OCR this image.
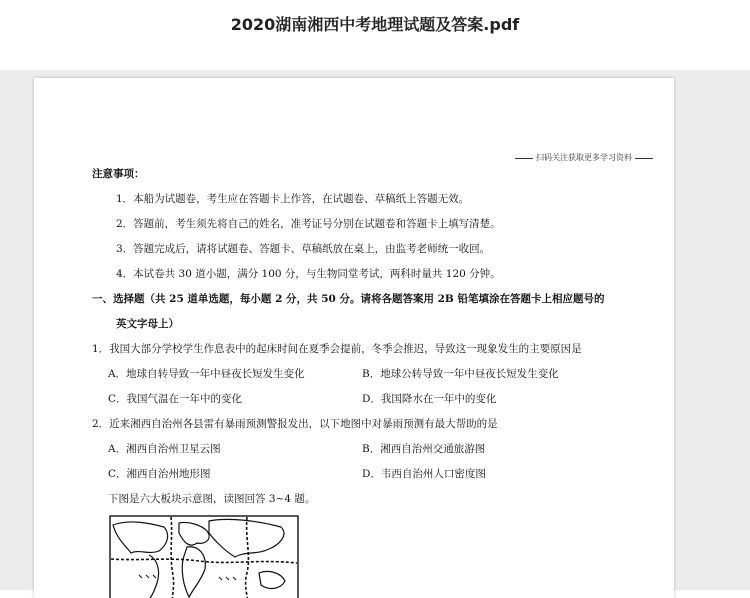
2020湖南湘西中考地理试题及答案.pdf
扫码关注获取更多学习资料
注意事项：
1．本船为试题卷，考生应在答题卡上作答，在试题卷、草稿纸上答题无效。
2．答题前，考生须先将自己的姓名，准考证号分别在试题卷和答题卡上填写清楚。
3．答题完成后，请将试题卷、答题卡、草稿纸放在桌上，由监考老师统一收回。
4．本试卷共 30 道小题，满分 100 分，与生物同堂考试，两科时量共 120 分钟。
一、选择题（共 25 道单选题，每小题 2 分，共 50 分。请将各题答案用 2B 铅笔填涂在答题卡上相应题号的
英文字母上）
1．我国大部分学校学生作息表中的起床时间在夏季会提前，冬季会推迟，导致这一现象发生的主要原因是
A．地球自转导致一年中昼夜长短发生变化	B．地球公转导致一年中昼夜长短发生变化
C．我国气温在一年中的变化	D．我国降水在一年中的变化
2．近来湘西自治州各县雷有暴雨预测警报发出，以下地图中对暴雨预测有最大帮助的是
A．湘西自治州卫星云图	B．湘西自治州交通旅游图
C．湘西自治州地形图	D．韦西自治州人口密度图
下图是六大板块示意图，读图回答 3~4 题。
